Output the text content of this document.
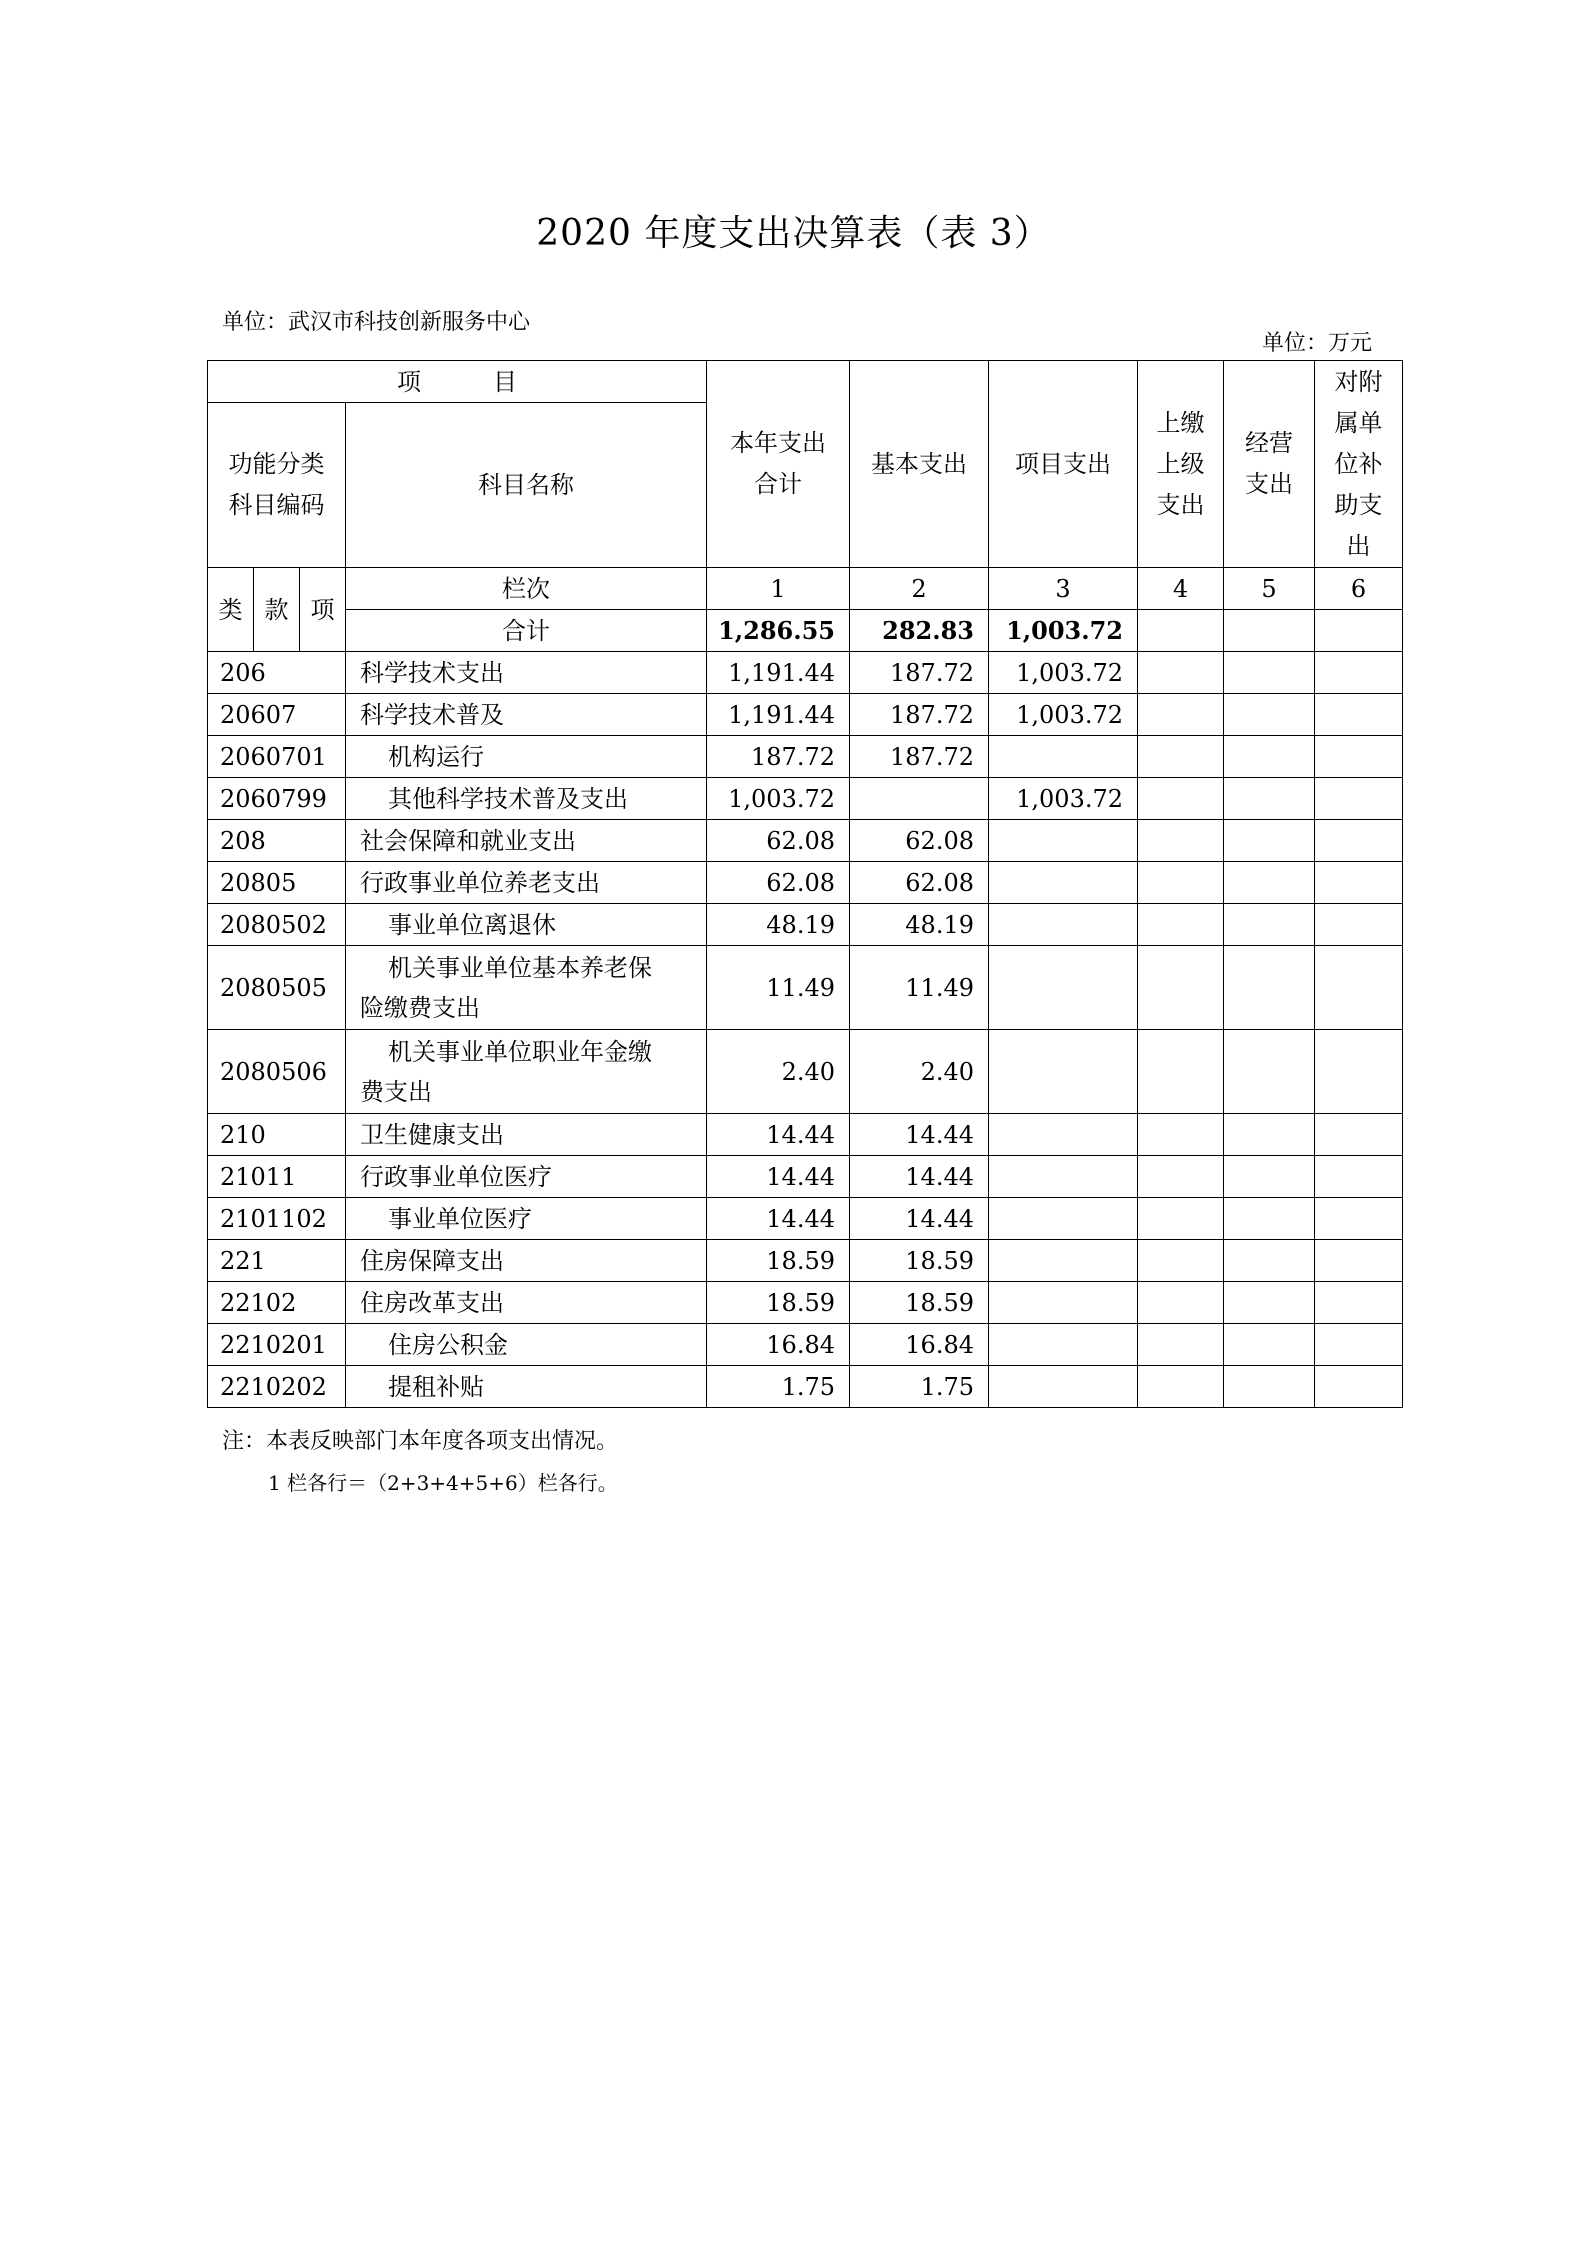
2020 年度支出决算表（表 3）
单位：武汉市科技创新服务中心
单位：万元
项　　　目				本年支出合计	基本支出	项目支出	上缴上级支出	经营支出	对附属单位补助支出
功能分类科目编码			科目名称						
类	款	项	栏次	1	2	3	4	5	6
			合计	1,286.55	282.83	1,003.72			
206			科学技术支出	1,191.44	187.72	1,003.72			
20607			科学技术普及	1,191.44	187.72	1,003.72			
2060701			机构运行	187.72	187.72				
2060799			其他科学技术普及支出	1,003.72		1,003.72			
208			社会保障和就业支出	62.08	62.08				
20805			行政事业单位养老支出	62.08	62.08				
2080502			事业单位离退休	48.19	48.19				
2080505			机关事业单位基本养老保
险缴费支出	11.49	11.49				
2080506			机关事业单位职业年金缴
费支出	2.40	2.40				
210			卫生健康支出	14.44	14.44				
21011			行政事业单位医疗	14.44	14.44				
2101102			事业单位医疗	14.44	14.44				
221			住房保障支出	18.59	18.59				
22102			住房改革支出	18.59	18.59				
2210201			住房公积金	16.84	16.84				
2210202			提租补贴	1.75	1.75				
注：本表反映部门本年度各项支出情况。
1 栏各行＝（2+3+4+5+6）栏各行。
